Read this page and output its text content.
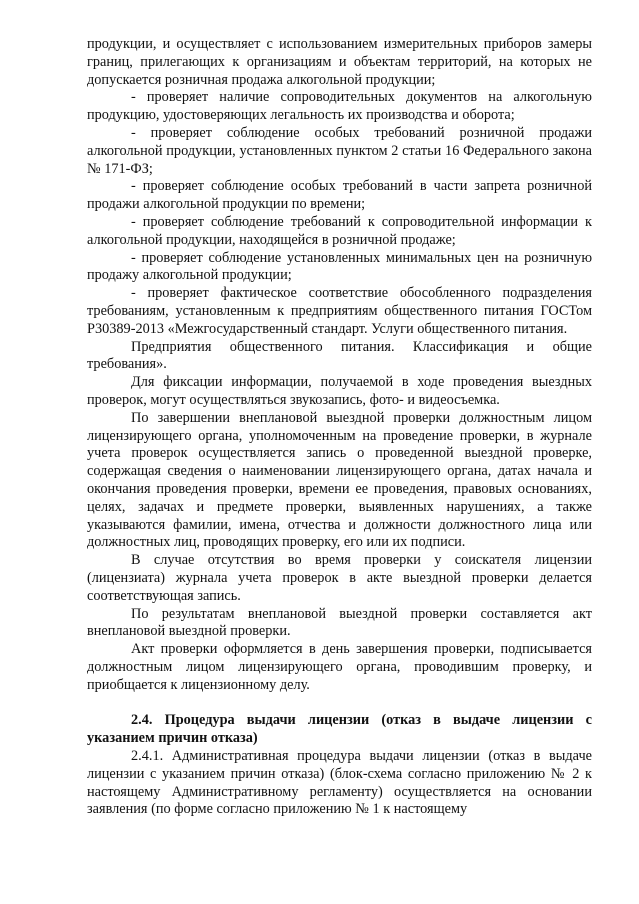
продукции, и осуществляет с использованием измерительных приборов замеры границ, прилегающих к организациям и объектам территорий, на которых не допускается розничная продажа алкогольной продукции;

- проверяет наличие сопроводительных документов на алкогольную продукцию, удостоверяющих легальность их производства и оборота;

- проверяет соблюдение особых требований розничной продажи алкогольной продукции, установленных пунктом 2 статьи 16 Федерального закона № 171-ФЗ;

- проверяет соблюдение особых требований в части запрета розничной продажи алкогольной продукции по времени;

- проверяет соблюдение требований к сопроводительной информации к алкогольной продукции, находящейся в розничной продаже;

- проверяет соблюдение установленных минимальных цен на розничную продажу алкогольной продукции;

- проверяет фактическое соответствие обособленного подразделения требованиям, установленным к предприятиям общественного питания ГОСТом Р30389-2013 «Межгосударственный стандарт. Услуги общественного питания.

Предприятия общественного питания. Классификация и общие требования».

Для фиксации информации, получаемой в ходе проведения выездных проверок, могут осуществляться звукозапись, фото- и видеосъемка.

По завершении внеплановой выездной проверки должностным лицом лицензирующего органа, уполномоченным на проведение проверки, в журнале учета проверок осуществляется запись о проведенной выездной проверке, содержащая сведения о наименовании лицензирующего органа, датах начала и окончания проведения проверки, времени ее проведения, правовых основаниях, целях, задачах и предмете проверки, выявленных нарушениях, а также указываются фамилии, имена, отчества и должности должностного лица или должностных лиц, проводящих проверку, его или их подписи.

В случае отсутствия во время проверки у соискателя лицензии (лицензиата) журнала учета проверок в акте выездной проверки делается соответствующая запись.

По результатам внеплановой выездной проверки составляется акт внеплановой выездной проверки.

Акт проверки оформляется в день завершения проверки, подписывается должностным лицом лицензирующего органа, проводившим проверку, и приобщается к лицензионному делу.

2.4. Процедура выдачи лицензии (отказ в выдаче лицензии с указанием причин отказа)

2.4.1. Административная процедура выдачи лицензии (отказ в выдаче лицензии с указанием причин отказа) (блок-схема согласно приложению № 2 к настоящему Административному регламенту) осуществляется на основании заявления (по форме согласно приложению № 1 к настоящему
